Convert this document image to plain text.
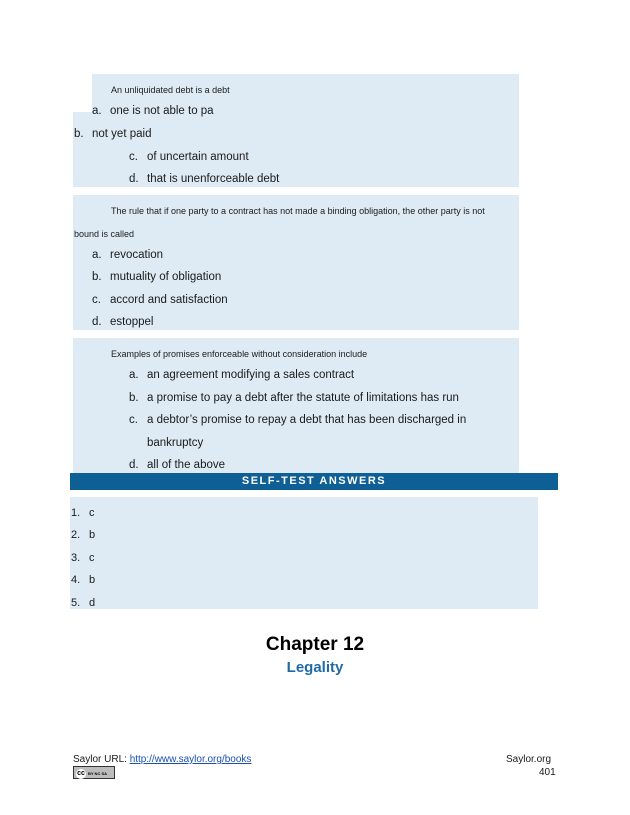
An unliquidated debt is a debt
a. one is not able to pa
b. not yet paid
c. of uncertain amount
d. that is unenforceable debt
The rule that if one party to a contract has not made a binding obligation, the other party is not
bound is called
a. revocation
b. mutuality of obligation
c. accord and satisfaction
d. estoppel
Examples of promises enforceable without consideration include
a. an agreement modifying a sales contract
b. a promise to pay a debt after the statute of limitations has run
c. a debtor’s promise to repay a debt that has been discharged in
bankruptcy
d. all of the above
SELF-TEST ANSWERS
1. c
2. b
3. c
4. b
5. d
Chapter 12
Legality
Saylor URL: http://www.saylor.org/books
cc BY NC SA
Saylor.org
401
